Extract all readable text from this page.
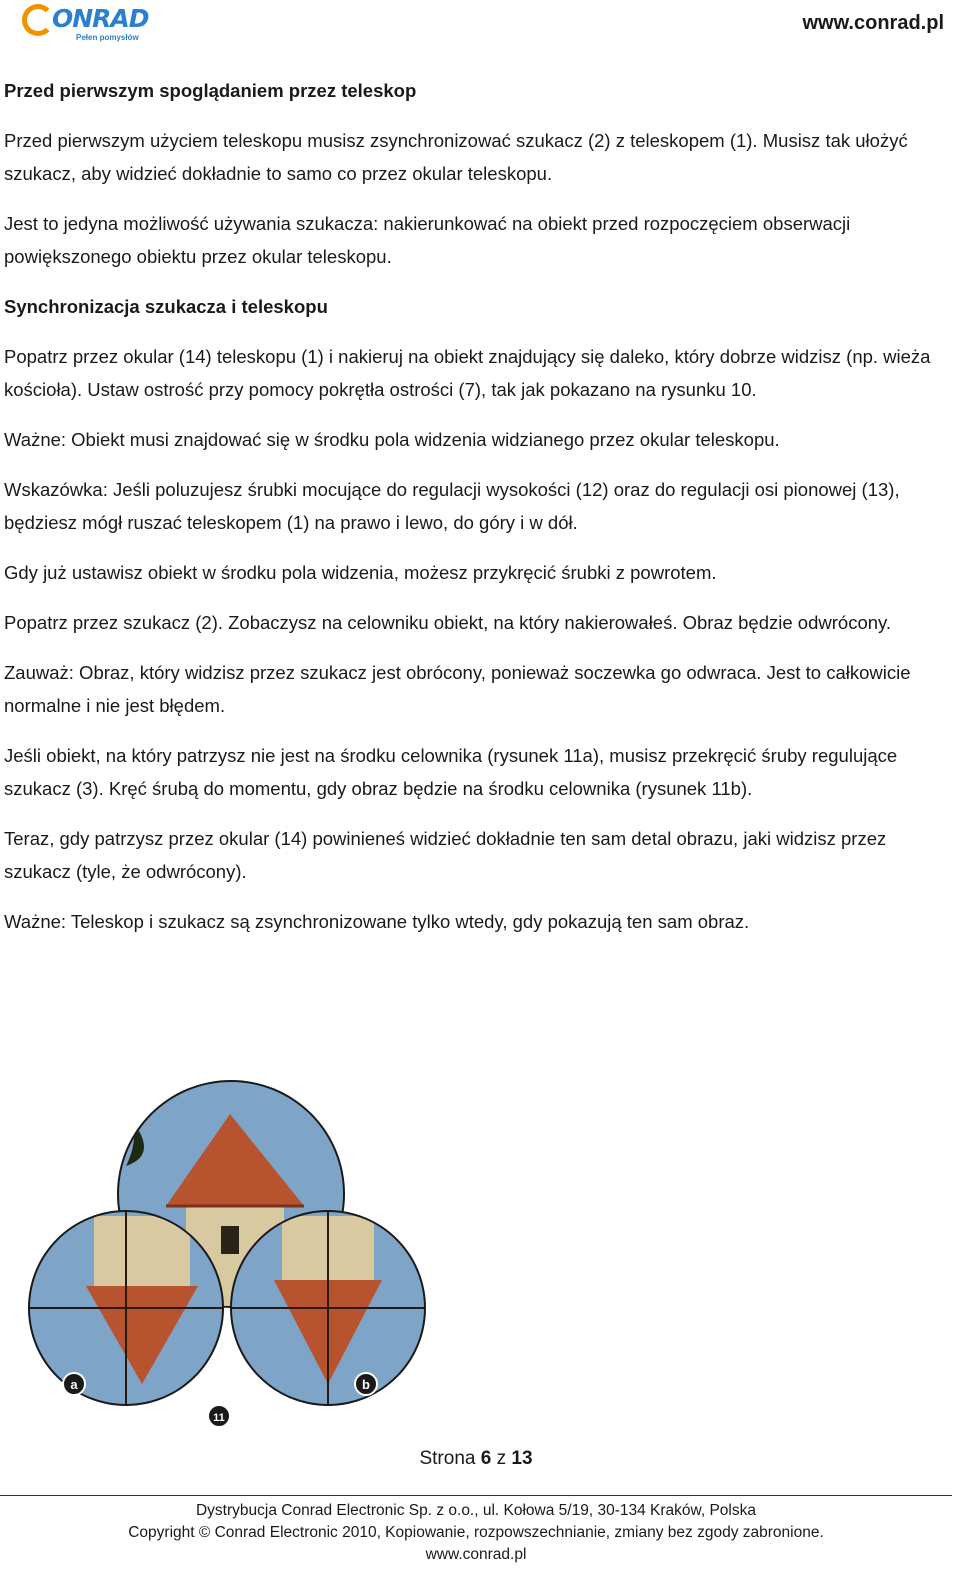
ONRAD
Pełen pomysłów
www.conrad.pl
Przed pierwszym spoglądaniem przez teleskop

Przed pierwszym użyciem teleskopu musisz zsynchronizować szukacz (2) z teleskopem (1). Musisz tak ułożyć szukacz, aby widzieć dokładnie to samo co przez okular teleskopu.

Jest to jedyna możliwość używania szukacza: nakierunkować na obiekt przed rozpoczęciem obserwacji powiększonego obiektu przez okular teleskopu.

Synchronizacja szukacza i teleskopu

Popatrz przez okular (14) teleskopu (1) i nakieruj na obiekt znajdujący się daleko, który dobrze widzisz (np. wieża kościoła). Ustaw ostrość przy pomocy pokrętła ostrości (7), tak jak pokazano na rysunku 10.

Ważne: Obiekt musi znajdować się w środku pola widzenia widzianego przez okular teleskopu.

Wskazówka: Jeśli poluzujesz śrubki mocujące do regulacji wysokości (12) oraz do regulacji osi pionowej (13), będziesz mógł ruszać teleskopem (1) na prawo i lewo, do góry i w dół.

Gdy już ustawisz obiekt w środku pola widzenia, możesz przykręcić śrubki z powrotem.

Popatrz przez szukacz (2). Zobaczysz na celowniku obiekt, na który nakierowałeś. Obraz będzie odwrócony.

Zauważ: Obraz, który widzisz przez szukacz jest obrócony, ponieważ soczewka go odwraca. Jest to całkowicie normalne i nie jest błędem.

Jeśli obiekt, na który patrzysz nie jest na środku celownika (rysunek 11a), musisz przekręcić śruby regulujące szukacz (3). Kręć śrubą do momentu, gdy obraz będzie na środku celownika (rysunek 11b).

Teraz, gdy patrzysz przez okular (14) powinieneś widzieć dokładnie ten sam detal obrazu, jaki widzisz przez szukacz (tyle, że odwrócony).

Ważne: Teleskop i szukacz są zsynchronizowane tylko wtedy, gdy pokazują ten sam obraz.

a	b
11
Strona 6 z 13
Dystrybucja Conrad Electronic Sp. z o.o., ul. Kołowa 5/19, 30-134 Kraków, Polska
Copyright © Conrad Electronic 2010, Kopiowanie, rozpowszechnianie, zmiany bez zgody zabronione.
www.conrad.pl
